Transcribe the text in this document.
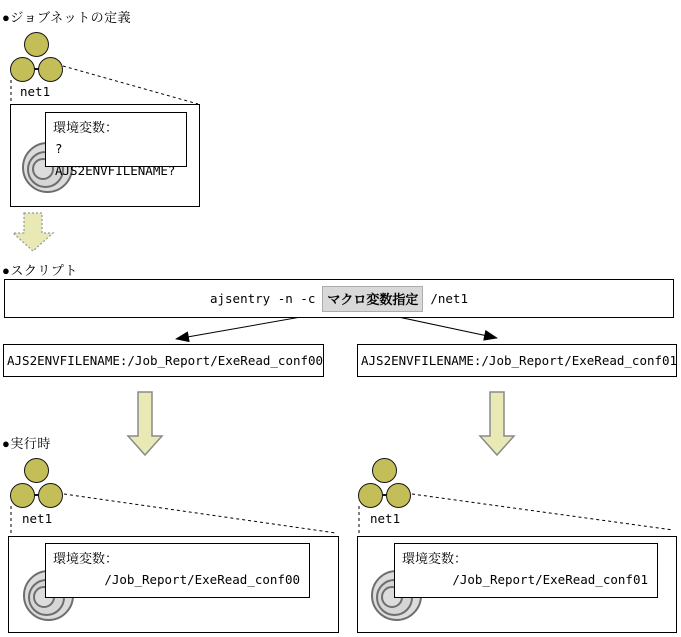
●ジョブネットの定義
net1
環境変数：
?AJS2ENVFILENAME?
●スクリプト
ajsentry -n -c マクロ変数指定 /net1
AJS2ENVFILENAME:/Job_Report/ExeRead_conf00	AJS2ENVFILENAME:/Job_Report/ExeRead_conf01
●実行時
net1
環境変数：
/Job_Report/ExeRead_conf00
net1
環境変数：
/Job_Report/ExeRead_conf01
